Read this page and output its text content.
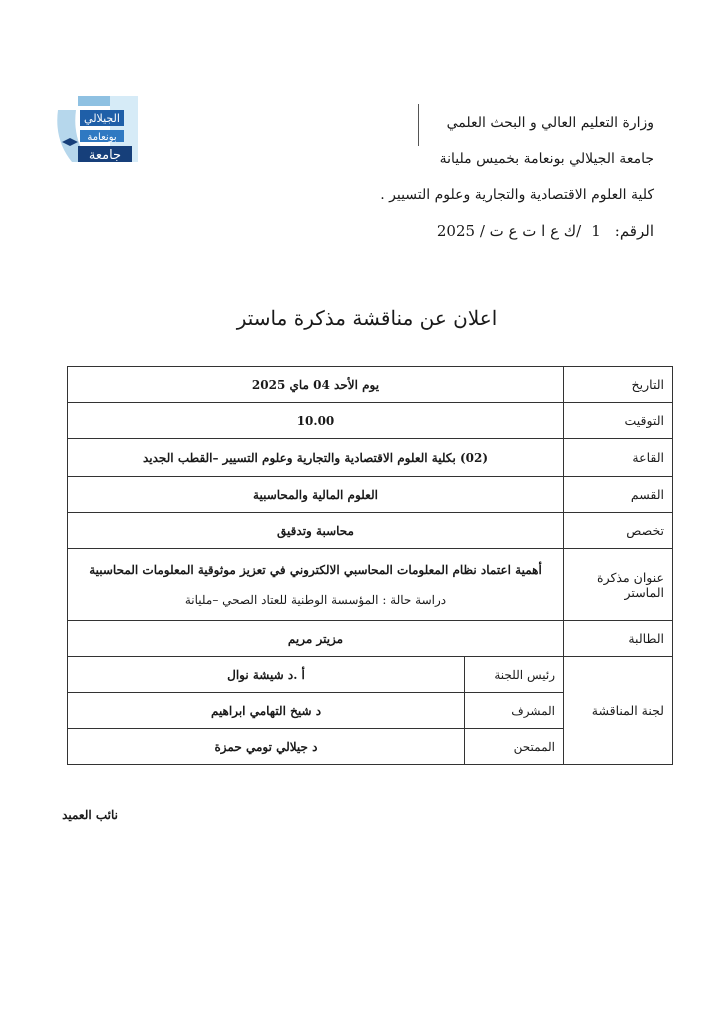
الجيلالي
بونعامة
جامعة
وزارة التعليم العالي و البحث العلمي
جامعة الجيلالي بونعامة بخميس مليانة
كلية العلوم الاقتصادية والتجارية وعلوم التسيير .
الرقم:1/ك ع ا ت ع ت / 2025
اعلان عن مناقشة مذكرة ماستر
التاريخ	يوم الأحد 04 ماي 2025	
التوقيت	10.00	
القاعة	(02) بكلية العلوم الاقتصادية والتجارية وعلوم التسيير –القطب الجديد	
القسم	العلوم المالية والمحاسبية	
تخصص	محاسبة وتدقيق	
عنوان مذكرة الماستر	أهمية اعتماد نظام المعلومات المحاسبي الالكتروني في تعزيز موثوقية المعلومات المحاسبية
دراسة حالة : المؤسسة الوطنية للعتاد الصحي –مليانة	

الطالبة	مزيتر مريم	
لجنة المناقشة	رئيس اللجنة	أ .د شيشة نوال
	المشرف	د شيخ التهامي ابراهيم
	الممتحن	د جيلالي تومي حمزة
نائب العميد
